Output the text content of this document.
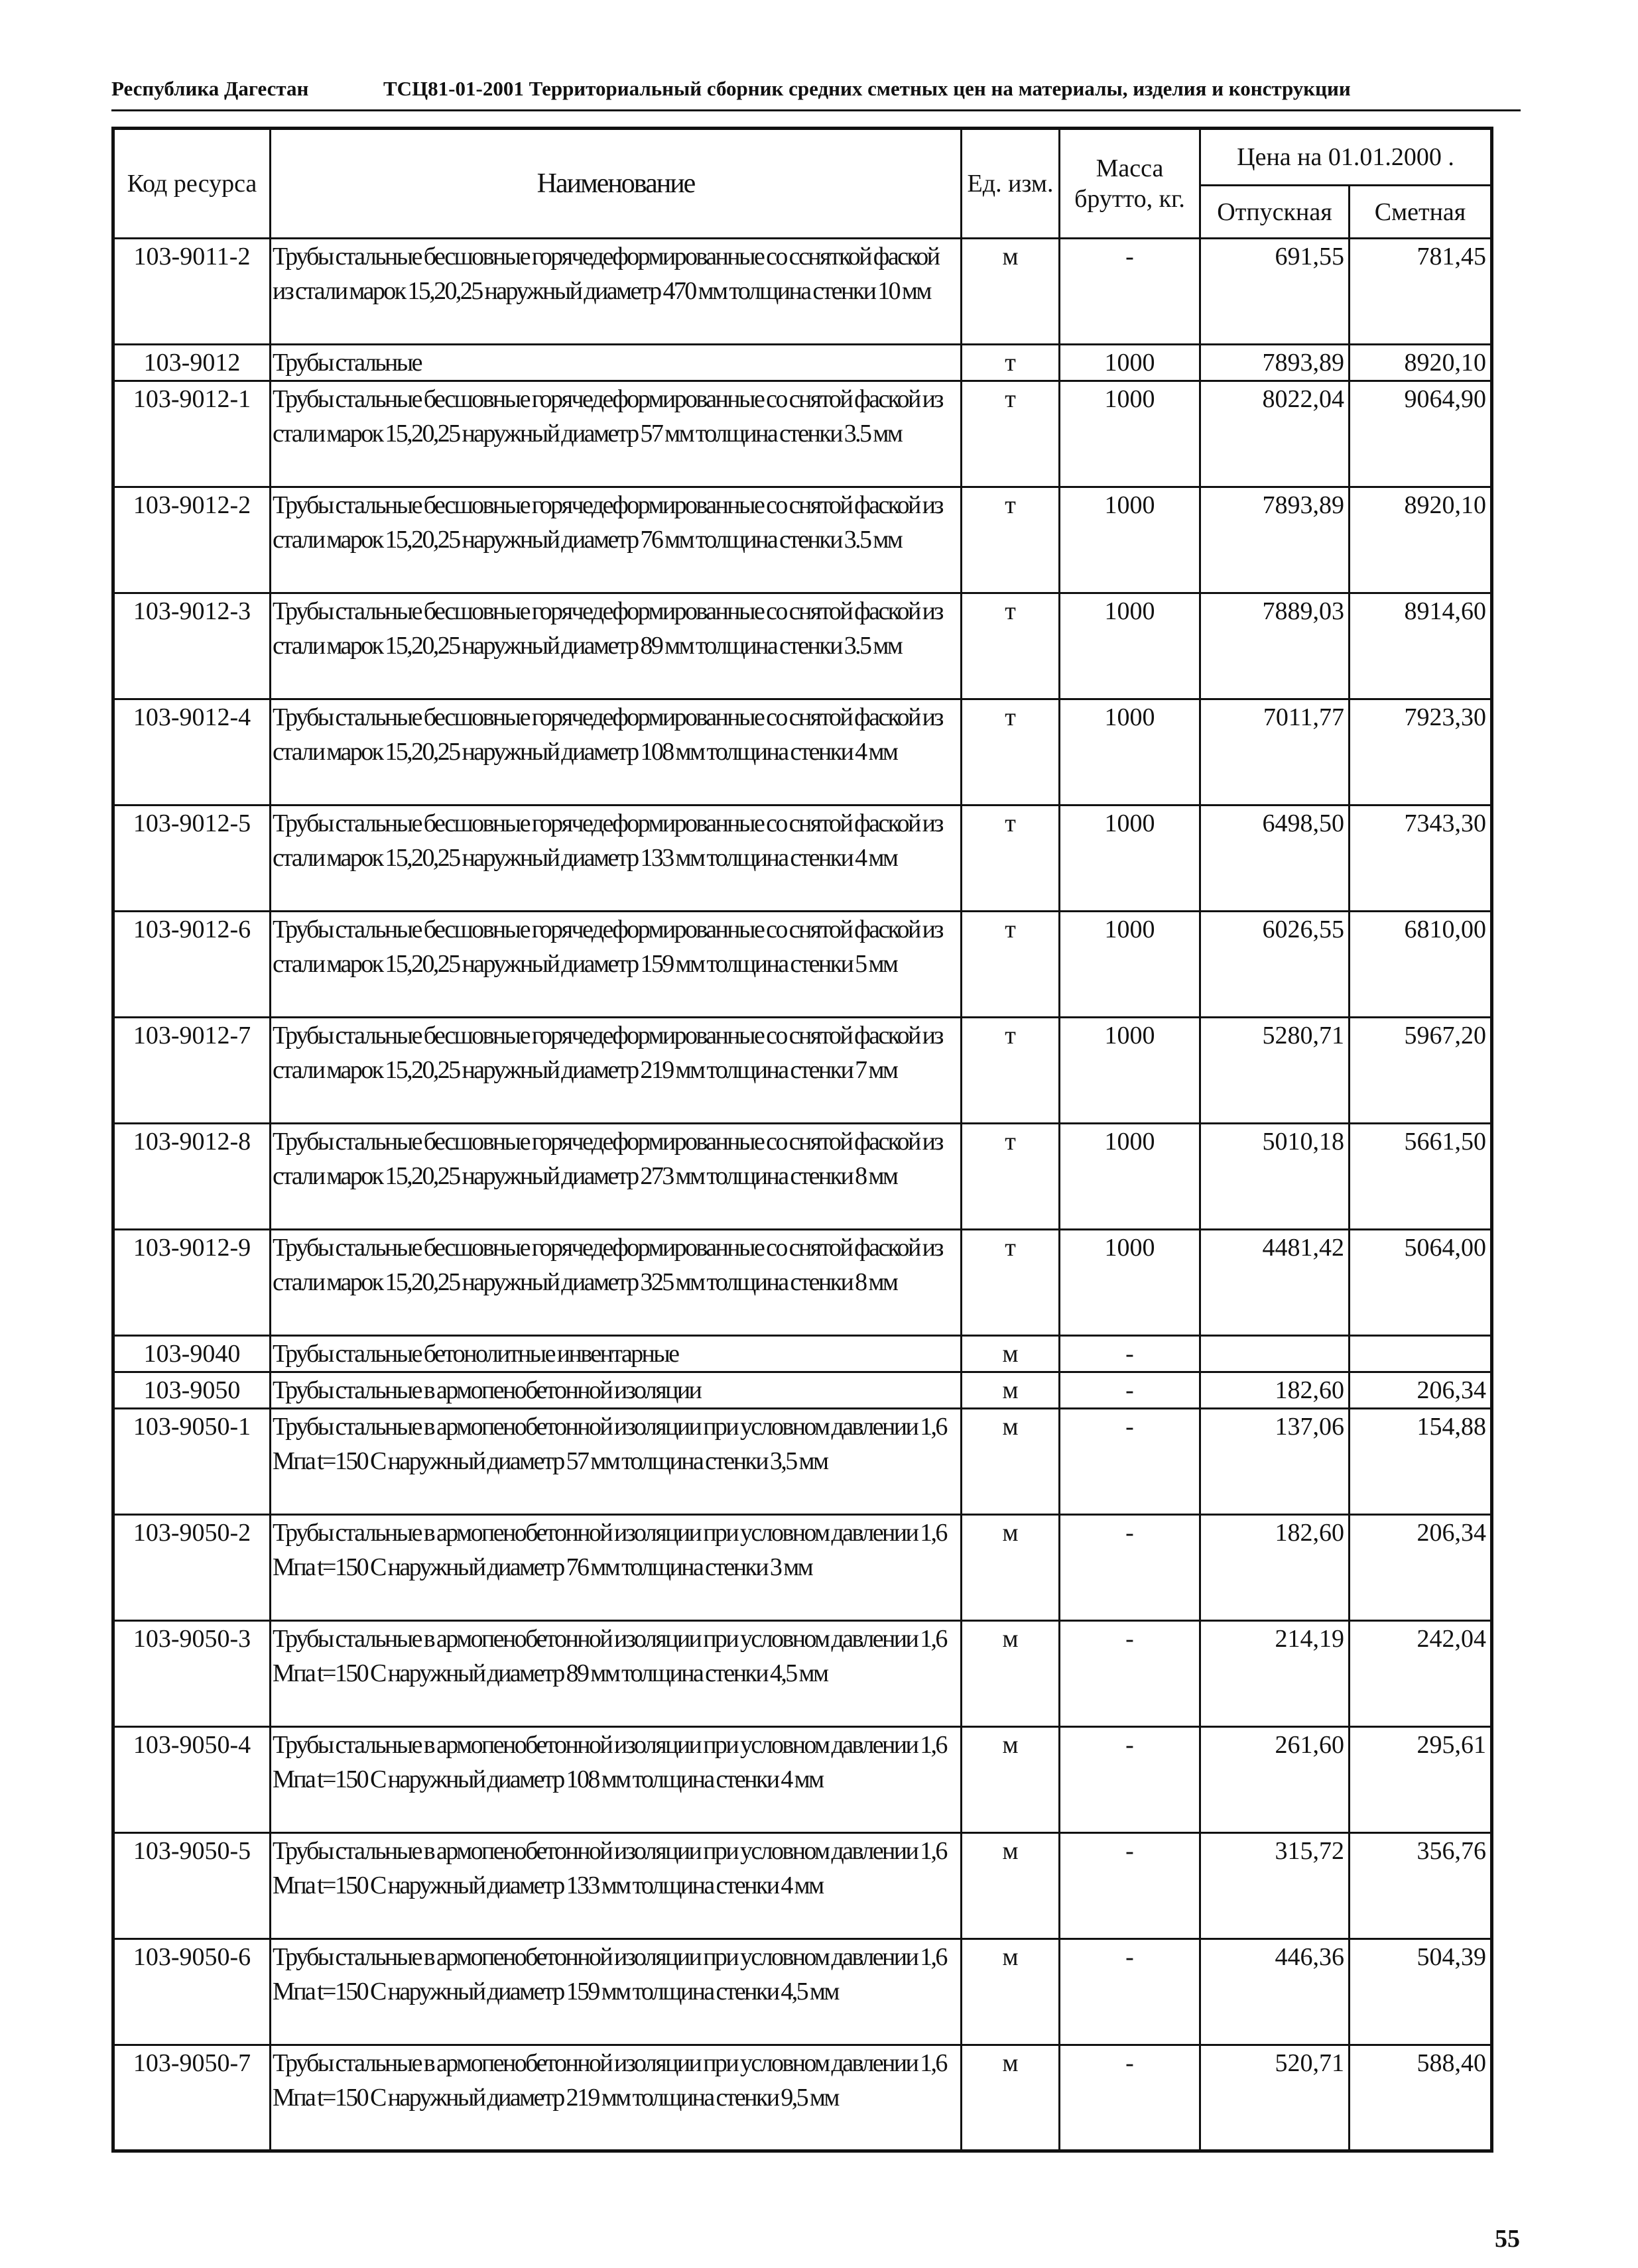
Республика Дагестан	ТСЦ81-01-2001 Территориальный сборник средних сметных цен на материалы, изделия и конструкции
Код ресурса	Наименование	Ед. изм.	Масса брутто, кг.	Цена на 01.01.2000 .	
				Отпускная	Сметная
103-9011-2	Трубы стальные бесшовные горячедеформированные со ссняткой фаской из стали марок 15,20,25 наружный диаметр 470 мм толщина стенки 10 мм	м	-	691,55	781,45
103-9012	Трубы стальные	т	1000	7893,89	8920,10
103-9012-1	Трубы стальные бесшовные горячедеформированные со снятой фаской из стали марок 15,20,25 наружный диаметр 57 мм толщина стенки 3.5 мм	т	1000	8022,04	9064,90
103-9012-2	Трубы стальные бесшовные горячедеформированные со снятой фаской из стали марок 15,20,25 наружный диаметр 76 мм толщина стенки 3.5 мм	т	1000	7893,89	8920,10
103-9012-3	Трубы стальные бесшовные горячедеформированные со снятой фаской из стали марок 15,20,25 наружный диаметр 89 мм толщина стенки 3.5 мм	т	1000	7889,03	8914,60
103-9012-4	Трубы стальные бесшовные горячедеформированные со снятой фаской из стали марок 15,20,25 наружный диаметр 108 мм толщина стенки 4 мм	т	1000	7011,77	7923,30
103-9012-5	Трубы стальные бесшовные горячедеформированные со снятой фаской из стали марок 15,20,25 наружный диаметр 133 мм толщина стенки 4 мм	т	1000	6498,50	7343,30
103-9012-6	Трубы стальные бесшовные горячедеформированные со снятой фаской из стали марок 15,20,25 наружный диаметр 159 мм толщина стенки 5 мм	т	1000	6026,55	6810,00
103-9012-7	Трубы стальные бесшовные горячедеформированные со снятой фаской из стали марок 15,20,25 наружный диаметр 219 мм толщина стенки 7 мм	т	1000	5280,71	5967,20
103-9012-8	Трубы стальные бесшовные горячедеформированные со снятой фаской из стали марок 15,20,25 наружный диаметр 273 мм толщина стенки 8 мм	т	1000	5010,18	5661,50
103-9012-9	Трубы стальные бесшовные горячедеформированные со снятой фаской из стали марок 15,20,25 наружный диаметр 325 мм толщина стенки 8 мм	т	1000	4481,42	5064,00
103-9040	Трубы стальные бетонолитные инвентарные	м	-		
103-9050	Трубы стальные в армопенобетонной изоляции	м	-	182,60	206,34
103-9050-1	Трубы стальные в армопенобетонной изоляции при условном давлении 1,6 Мпа t=150 С наружный диаметр 57 мм толщина стенки 3,5 мм	м	-	137,06	154,88
103-9050-2	Трубы стальные в армопенобетонной изоляции при условном давлении 1,6 Мпа t=150 С наружный диаметр 76 мм толщина стенки 3 мм	м	-	182,60	206,34
103-9050-3	Трубы стальные в армопенобетонной изоляции при условном давлении 1,6 Мпа t=150 С наружный диаметр 89 мм толщина стенки 4,5 мм	м	-	214,19	242,04
103-9050-4	Трубы стальные в армопенобетонной изоляции при условном давлении 1,6 Мпа t=150 С наружный диаметр 108 мм толщина стенки 4 мм	м	-	261,60	295,61
103-9050-5	Трубы стальные в армопенобетонной изоляции при условном давлении 1,6 Мпа t=150 С наружный диаметр 133 мм толщина стенки 4 мм	м	-	315,72	356,76
103-9050-6	Трубы стальные в армопенобетонной изоляции при условном давлении 1,6 Мпа t=150 С наружный диаметр 159 мм толщина стенки 4,5 мм	м	-	446,36	504,39
103-9050-7	Трубы стальные в армопенобетонной изоляции при условном давлении 1,6 Мпа t=150 С наружный диаметр 219 мм толщина стенки 9,5 мм	м	-	520,71	588,40
55
